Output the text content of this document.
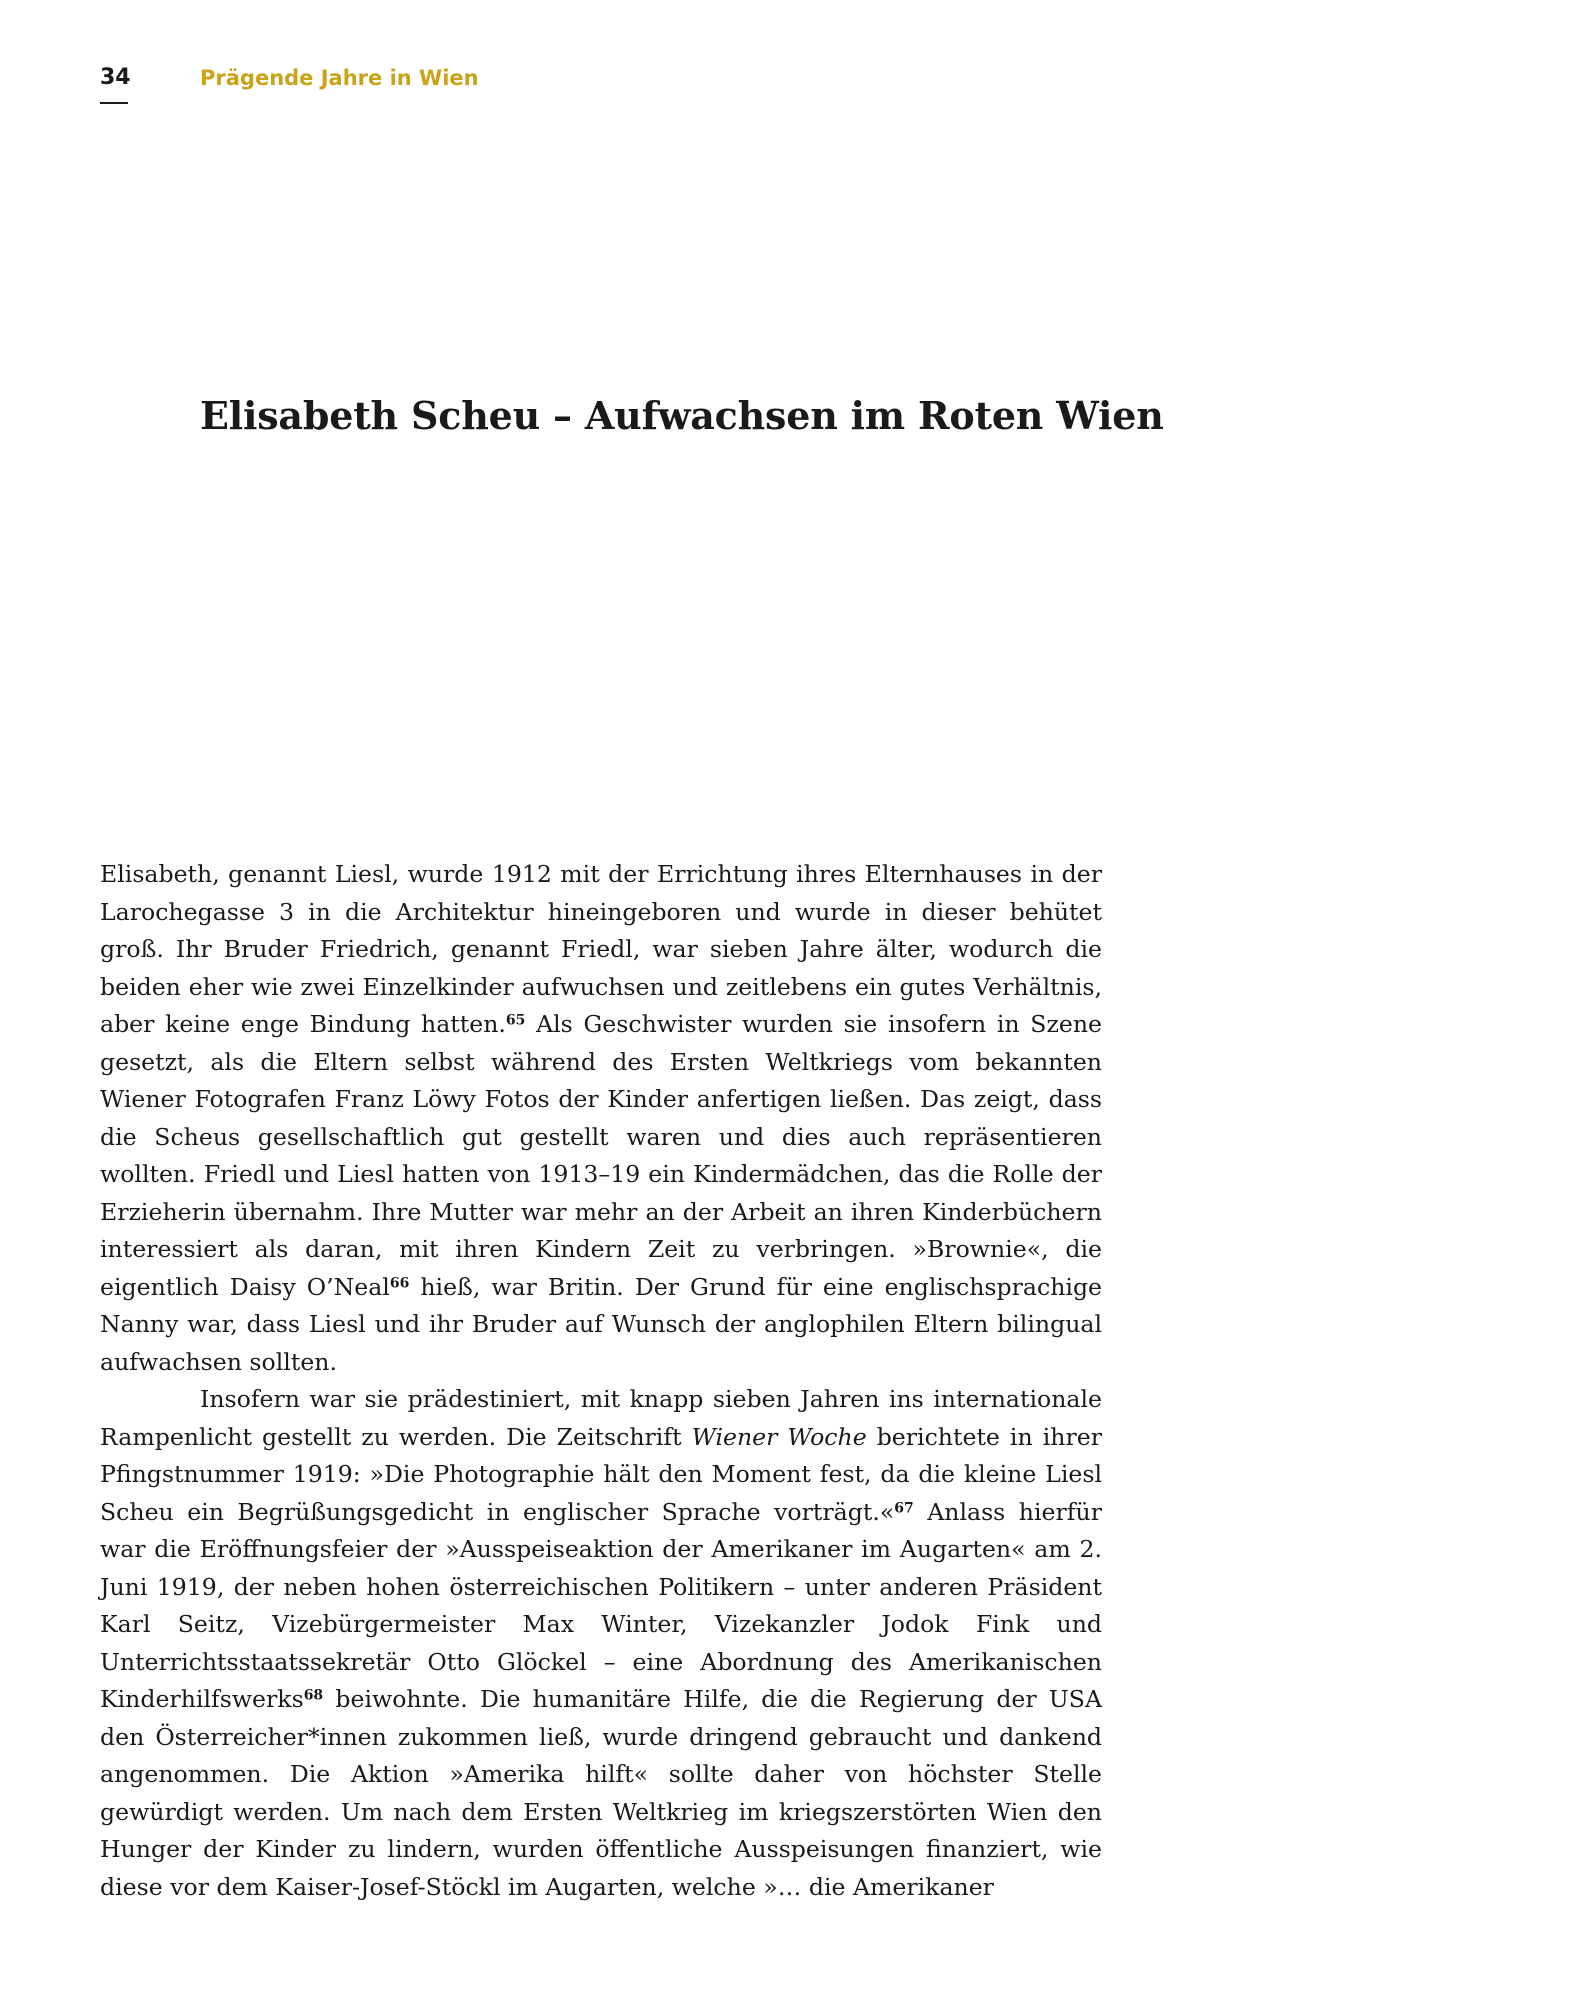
34	Prägende Jahre in Wien
Elisabeth Scheu – Aufwachsen im Roten Wien

Elisabeth, genannt Liesl, wurde 1912 mit der Errichtung ihres Elternhauses in der Larochegasse 3 in die Architektur hineingeboren und wurde in dieser behütet groß. Ihr Bruder Friedrich, genannt Friedl, war sieben Jahre älter, wodurch die beiden eher wie zwei Einzelkinder aufwuchsen und zeitlebens ein gutes Verhältnis, aber keine enge Bindung hatten.$^{65}$ Als Geschwister wurden sie insofern in Szene gesetzt, als die Eltern selbst während des Ersten Weltkriegs vom bekannten Wiener Fotografen Franz Löwy Fotos der Kinder anfertigen ließen. Das zeigt, dass die Scheus gesellschaftlich gut gestellt waren und dies auch repräsentieren wollten. Friedl und Liesl hatten von 1913–19 ein Kindermädchen, das die Rolle der Erzieherin übernahm. Ihre Mutter war mehr an der Arbeit an ihren Kinderbüchern interessiert als daran, mit ihren Kindern Zeit zu verbringen. »Brownie«, die eigentlich Daisy O’Neal$^{66}$ hieß, war Britin. Der Grund für eine englischsprachige Nanny war, dass Liesl und ihr Bruder auf Wunsch der anglophilen Eltern bilingual aufwachsen sollten.

Insofern war sie prädestiniert, mit knapp sieben Jahren ins internationale Rampenlicht gestellt zu werden. Die Zeitschrift Wiener Woche berichtete in ihrer Pfingstnummer 1919: »Die Photographie hält den Moment fest, da die kleine Liesl Scheu ein Begrüßungsgedicht in englischer Sprache vorträgt.«$^{67}$ Anlass hierfür war die Eröffnungsfeier der »Ausspeiseaktion der Amerikaner im Augarten« am 2. Juni 1919, der neben hohen österreichischen Politikern – unter anderen Präsident Karl Seitz, Vizebürgermeister Max Winter, Vizekanzler Jodok Fink und Unterrichtsstaatssekretär Otto Glöckel – eine Abordnung des Amerikanischen Kinderhilfswerks$^{68}$ beiwohnte. Die humanitäre Hilfe, die die Regierung der USA den Österreicher*innen zukommen ließ, wurde dringend gebraucht und dankend angenommen. Die Aktion »Amerika hilft« sollte daher von höchster Stelle gewürdigt werden. Um nach dem Ersten Weltkrieg im kriegszerstörten Wien den Hunger der Kinder zu lindern, wurden öffentliche Ausspeisungen finanziert, wie diese vor dem Kaiser-Josef-Stöckl im Augarten, welche »… die Amerikaner
